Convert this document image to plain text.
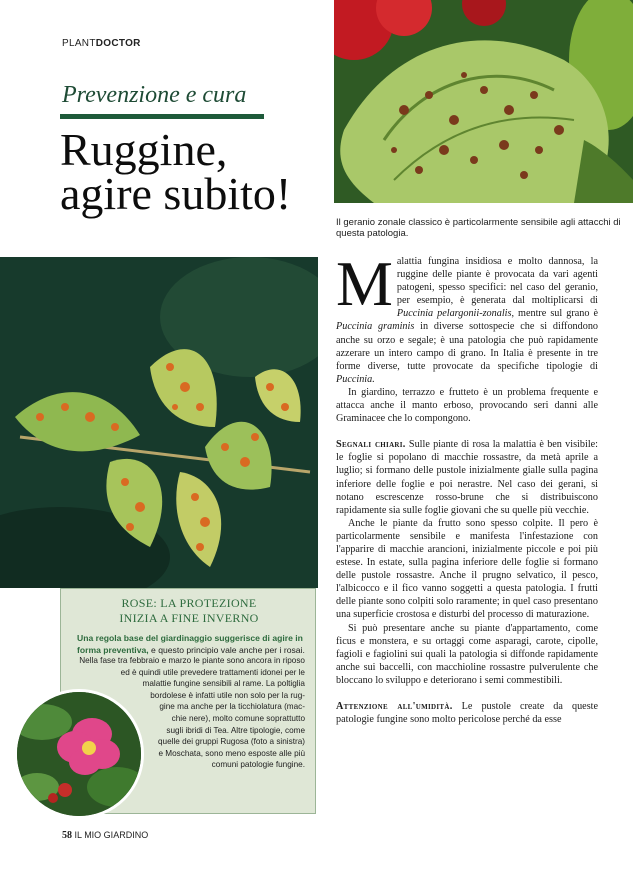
PLANTDOCTOR
Prevenzione e cura
Ruggine,
agire subito!
Il geranio zonale classico è particolarmente sensibile agli attacchi di questa patologia.
ROSE: LA PROTEZIONE
INIZIA A FINE INVERNO
Una regola base del giardinaggio suggerisce di agire in forma preventiva, e questo principio vale anche per i rosai.
Nella fase tra febbraio e marzo le piante sono ancora in riposo
ed è quindi utile prevedere trattamenti idonei per le
malattie fungine sensibili al rame. La poltiglia
bordolese è infatti utile non solo per la rug-
gine ma anche per la ticchiolatura (mac-
chie nere), molto comune soprattutto
sugli ibridi di Tea. Altre tipologie, come
quelle dei gruppi Rugosa (foto a sinistra)
e Moschata, sono meno esposte alle più
comuni patologie fungine.
58 IL MIO GIARDINO

Malattia fungina insidiosa e molto dannosa, la ruggine delle piante è provocata da vari agenti patogeni, spesso specifici: nel caso del geranio, per esempio, è generata dal moltiplicarsi di Puccinia pelargonii-zonalis, mentre sul grano è Puccinia graminis in diverse sottospecie che si diffondono anche su orzo e segale; è una patologia che può rapidamente azzerare un intero campo di grano. In Italia è presente in tre forme diverse, tutte provocate da specifiche tipologie di Puccinia.

In giardino, terrazzo e frutteto è un problema frequente e attacca anche il manto erboso, provocando seri danni alle Graminacee che lo compongono.

Segnali chiari. Sulle piante di rosa la malattia è ben visibile: le foglie si popolano di macchie rossastre, da metà aprile a luglio; si formano delle pustole inizialmente gialle sulla pagina inferiore delle foglie e poi nerastre. Nel caso dei gerani, si notano escrescenze rosso-brune che si distribuiscono rapidamente sia sulle foglie giovani che su quelle più vecchie.

Anche le piante da frutto sono spesso colpite. Il pero è particolarmente sensibile e manifesta l'infestazione con l'apparire di macchie arancioni, inizialmente piccole e poi più estese. In estate, sulla pagina inferiore delle foglie si formano delle pustole rossastre. Anche il prugno selvatico, il pesco, l'albicocco e il fico vanno soggetti a questa patologia. I frutti delle piante sono colpiti solo raramente; in quel caso presentano una superficie crostosa e disturbi del processo di maturazione.

Si può presentare anche su piante d'appartamento, come ficus e monstera, e su ortaggi come asparagi, carote, cipolle, fagioli e fagiolini sui quali la patologia si diffonde rapidamente anche sui baccelli, con macchioline rossastre pulverulente che bloccano lo sviluppo e deteriorano i semi commestibili.

Attenzione all'umidità. Le pustole create da queste patologie fungine sono molto pericolose perché da esse
